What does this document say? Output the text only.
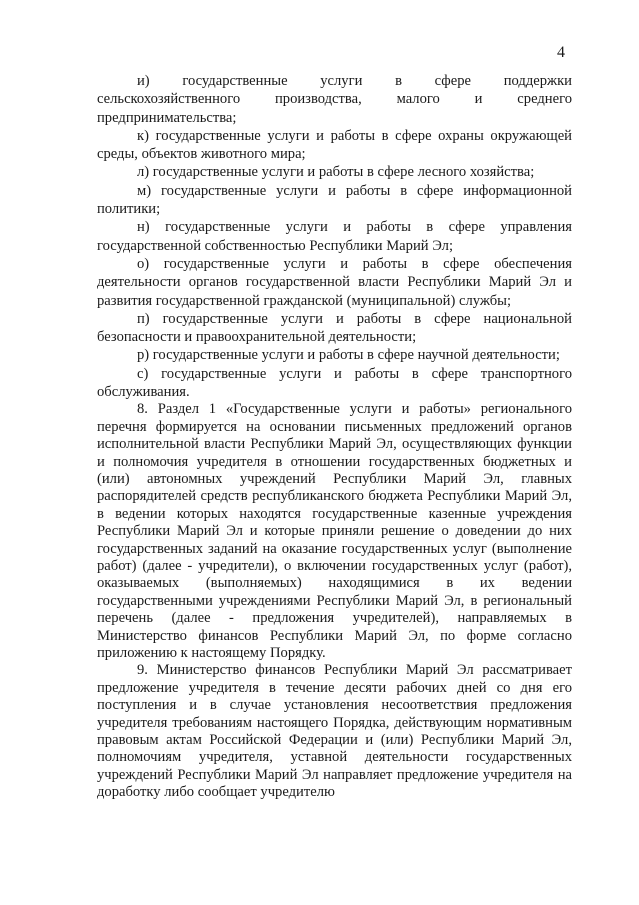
4

и) государственные услуги в сфере поддержки сельскохозяйственного производства, малого и среднего предпринимательства;

к) государственные услуги и работы в сфере охраны окружающей среды, объектов животного мира;

л) государственные услуги и работы в сфере лесного хозяйства;

м) государственные услуги и работы в сфере информационной политики;

н) государственные услуги и работы в сфере управления государственной собственностью Республики Марий Эл;

о) государственные услуги и работы в сфере обеспечения деятельности органов государственной власти Республики Марий Эл и развития государственной гражданской (муниципальной) службы;

п) государственные услуги и работы в сфере национальной безопасности и правоохранительной деятельности;

р) государственные услуги и работы в сфере научной деятельности;

с) государственные услуги и работы в сфере транспортного обслуживания.

8. Раздел 1 «Государственные услуги и работы» регионального перечня формируется на основании письменных предложений органов исполнительной власти Республики Марий Эл, осуществляющих функции и полномочия учредителя в отношении государственных бюджетных и (или) автономных учреждений Республики Марий Эл, главных распорядителей средств республиканского бюджета Республики Марий Эл, в ведении которых находятся государственные казенные учреждения Республики Марий Эл и которые приняли решение о доведении до них государственных заданий на оказание государственных услуг (выполнение работ) (далее - учредители), о включении государственных услуг (работ), оказываемых (выполняемых) находящимися в их ведении государственными учреждениями Республики Марий Эл, в региональный перечень (далее - предложения учредителей), направляемых в Министерство финансов Республики Марий Эл, по форме согласно приложению к настоящему Порядку.

9. Министерство финансов Республики Марий Эл рассматривает предложение учредителя в течение десяти рабочих дней со дня его поступления и в случае установления несоответствия предложения учредителя требованиям настоящего Порядка, действующим нормативным правовым актам Российской Федерации и (или) Республики Марий Эл, полномочиям учредителя, уставной деятельности государственных учреждений Республики Марий Эл направляет предложение учредителя на доработку либо сообщает учредителю
